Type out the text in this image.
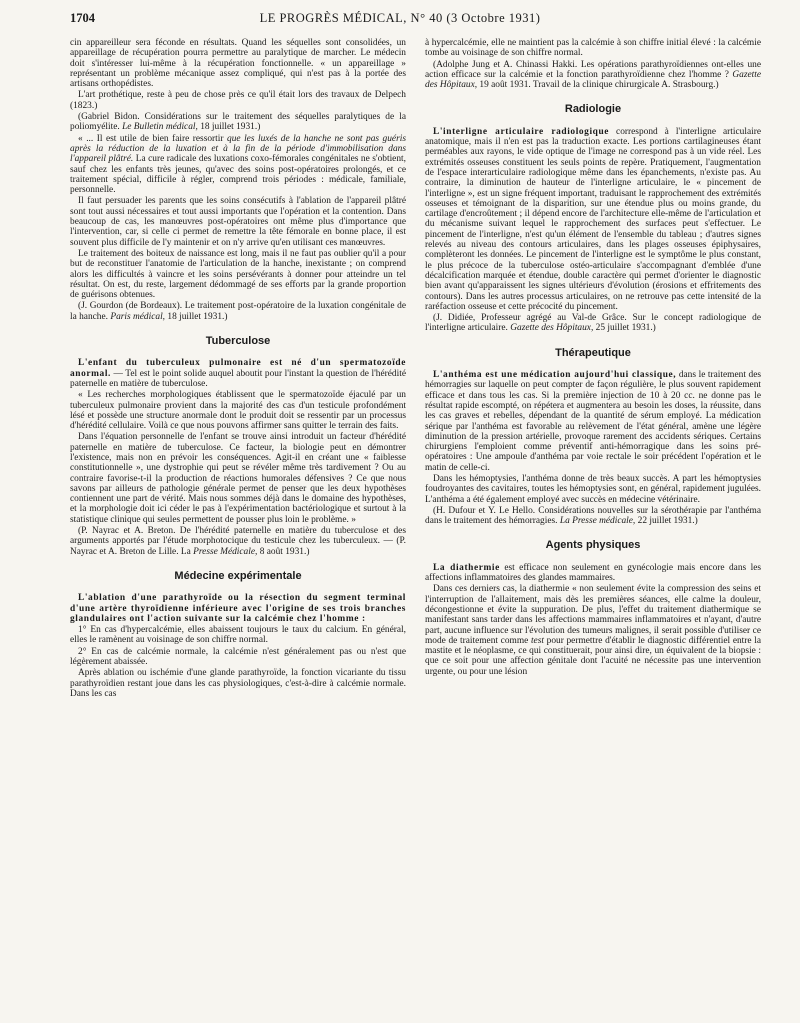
1704	LE PROGRÈS MÉDICAL, N° 40 (3 Octobre 1931)

cin appareilleur sera féconde en résultats. Quand les séquelles sont consolidées, un appareillage de récupération pourra permettre au paralytique de marcher. Le médecin doit s'intéresser lui-même à la récupération fonctionnelle. « un appareillage » représentant un problème mécanique assez compliqué, qui n'est pas à la portée des artisans orthopédistes.

L'art prothétique, reste à peu de chose près ce qu'il était lors des travaux de Delpech (1823.)

(Gabriel Bidon. Considérations sur le traitement des séquelles paralytiques de la poliomyélite. Le Bulletin médical, 18 juillet 1931.)

« ... Il est utile de bien faire ressortir que les luxés de la hanche ne sont pas guéris après la réduction de la luxation et à la fin de la période d'immobilisation dans l'appareil plâtré. La cure radicale des luxations coxo-fémorales congénitales ne s'obtient, sauf chez les enfants très jeunes, qu'avec des soins post-opératoires prolongés, et ce traitement spécial, difficile à régler, comprend trois périodes : médicale, familiale, personnelle.

Il faut persuader les parents que les soins consécutifs à l'ablation de l'appareil plâtré sont tout aussi nécessaires et tout aussi importants que l'opération et la contention. Dans beaucoup de cas, les manœuvres post-opératoires ont même plus d'importance que l'intervention, car, si celle ci permet de remettre la tête fémorale en bonne place, il est souvent plus difficile de l'y maintenir et on n'y arrive qu'en utilisant ces manœuvres.

Le traitement des boiteux de naissance est long, mais il ne faut pas oublier qu'il a pour but de reconstituer l'anatomie de l'articulation de la hanche, inexistante ; on comprend alors les difficultés à vaincre et les soins persévérants à donner pour atteindre un tel résultat. On est, du reste, largement dédommagé de ses efforts par la grande proportion de guérisons obtenues.

(J. Gourdon (de Bordeaux). Le traitement post-opératoire de la luxation congénitale de la hanche. Paris médical, 18 juillet 1931.)

Tuberculose

L'enfant du tuberculeux pulmonaire est né d'un spermatozoïde anormal. — Tel est le point solide auquel aboutit pour l'instant la question de l'hérédité paternelle en matière de tuberculose.

« Les recherches morphologiques établissent que le spermatozoïde éjaculé par un tuberculeux pulmonaire provient dans la majorité des cas d'un testicule profondément lésé et possède une structure anormale dont le produit doit se ressentir par un processus d'hérédité cellulaire. Voilà ce que nous pouvons affirmer sans quitter le terrain des faits.

Dans l'équation personnelle de l'enfant se trouve ainsi introduit un facteur d'hérédité paternelle en matière de tuberculose. Ce facteur, la biologie peut en démontrer l'existence, mais non en prévoir les conséquences. Agit-il en créant une « faiblesse constitutionnelle », une dystrophie qui peut se révéler même très tardivement ? Ou au contraire favorise-t-il la production de réactions humorales défensives ? Ce que nous savons par ailleurs de pathologie générale permet de penser que les deux hypothèses contiennent une part de vérité. Mais nous sommes déjà dans le domaine des hypothèses, et la morphologie doit ici céder le pas à l'expérimentation bactériologique et surtout à la statistique clinique qui seules permettent de pousser plus loin le problème. »

(P. Nayrac et A. Breton. De l'hérédité paternelle en matière du tuberculose et des arguments apportés par l'étude morphotocique du testicule chez les tuberculeux. — (P. Nayrac et A. Breton de Lille. La Presse Médicale, 8 août 1931.)

Médecine expérimentale

L'ablation d'une parathyroïde ou la résection du segment terminal d'une artère thyroïdienne inférieure avec l'origine de ses trois branches glandulaires ont l'action suivante sur la calcémie chez l'homme :

1° En cas d'hypercalcémie, elles abaissent toujours le taux du calcium. En général, elles le ramènent au voisinage de son chiffre normal.

2° En cas de calcémie normale, la calcémie n'est généralement pas ou n'est que légèrement abaissée.

Après ablation ou ischémie d'une glande parathyroïde, la fonction vicariante du tissu parathyroïdien restant joue dans les cas physiologiques, c'est-à-dire à calcémie normale. Dans les cas

à hypercalcémie, elle ne maintient pas la calcémie à son chiffre initial élevé : la calcémie tombe au voisinage de son chiffre normal.

(Adolphe Jung et A. Chinassi Hakki. Les opérations parathyroïdiennes ont-elles une action efficace sur la calcémie et la fonction parathyroïdienne chez l'homme ? Gazette des Hôpitaux, 19 août 1931. Travail de la clinique chirurgicale A. Strasbourg.)

Radiologie

L'interligne articulaire radiologique correspond à l'interligne articulaire anatomique, mais il n'en est pas la traduction exacte. Les portions cartilagineuses étant perméables aux rayons, le vide optique de l'image ne correspond pas à un vide réel. Les extrémités osseuses constituent les seuls points de repère. Pratiquement, l'augmentation de l'espace interarticulaire radiologique même dans les épanchements, n'existe pas. Au contraire, la diminution de hauteur de l'interligne articulaire, le « pincement de l'interligne », est un signe fréquent important, traduisant le rapprochement des extrémités osseuses et témoignant de la disparition, sur une étendue plus ou moins grande, du cartilage d'encroûtement ; il dépend encore de l'architecture elle-même de l'articulation et du mécanisme suivant lequel le rapprochement des surfaces peut s'effectuer. Le pincement de l'interligne, n'est qu'un élément de l'ensemble du tableau ; d'autres signes relevés au niveau des contours articulaires, dans les plages osseuses épiphysaires, complèteront les données. Le pincement de l'interligne est le symptôme le plus constant, le plus précoce de la tuberculose ostéo-articulaire s'accompagnant d'emblée d'une décalcification marquée et étendue, double caractère qui permet d'orienter le diagnostic bien avant qu'apparaissent les signes ultérieurs d'évolution (érosions et effritements des contours). Dans les autres processus articulaires, on ne retrouve pas cette intensité de la raréfaction osseuse et cette précocité du pincement.

(J. Didiée, Professeur agrégé au Val-de Grâce. Sur le concept radiologique de l'interligne articulaire. Gazette des Hôpitaux, 25 juillet 1931.)

Thérapeutique

L'anthéma est une médication aujourd'hui classique, dans le traitement des hémorragies sur laquelle on peut compter de façon régulière, le plus souvent rapidement efficace et dans tous les cas. Si la première injection de 10 à 20 cc. ne donne pas le résultat rapide escompté, on répétera et augmentera au besoin les doses, la réussite, dans les cas graves et rebelles, dépendant de la quantité de sérum employé. La médication sérique par l'anthéma est favorable au relèvement de l'état général, amène une légère diminution de la pression artérielle, provoque rarement des accidents sériques. Certains chirurgiens l'emploient comme préventif anti-hémorragique dans les soins pré-opératoires : Une ampoule d'anthéma par voie rectale le soir précédent l'opération et le matin de celle-ci.

Dans les hémoptysies, l'anthéma donne de très beaux succès. A part les hémoptysies foudroyantes des cavitaires, toutes les hémoptysies sont, en général, rapidement jugulées. L'anthéma a été également employé avec succès en médecine vétérinaire.

(H. Dufour et Y. Le Hello. Considérations nouvelles sur la sérothérapie par l'anthéma dans le traitement des hémorragies. La Presse médicale, 22 juillet 1931.)

Agents physiques

La diathermie est efficace non seulement en gynécologie mais encore dans les affections inflammatoires des glandes mammaires.

Dans ces derniers cas, la diathermie « non seulement évite la compression des seins et l'interruption de l'allaitement, mais dès les premières séances, elle calme la douleur, décongestionne et évite la suppuration. De plus, l'effet du traitement diathermique se manifestant sans tarder dans les affections mammaires inflammatoires et n'ayant, d'autre part, aucune influence sur l'évolution des tumeurs malignes, il serait possible d'utiliser ce mode de traitement comme test pour permettre d'établir le diagnostic différentiel entre la mastite et le néoplasme, ce qui constituerait, pour ainsi dire, un équivalent de la biopsie : que ce soit pour une affection génitale dont l'acuité ne nécessite pas une intervention urgente, ou pour une lésion
